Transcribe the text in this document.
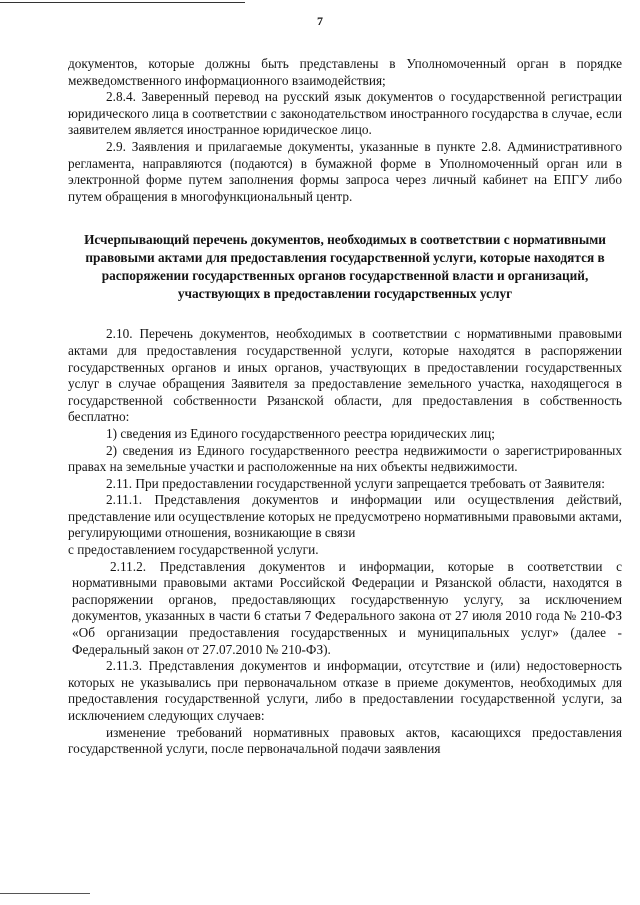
7

документов, которые должны быть представлены в Уполномоченный орган в порядке межведомственного информационного взаимодействия;

2.8.4. Заверенный перевод на русский язык документов о государственной регистрации юридического лица в соответствии с законодательством иностранного государства в случае, если заявителем является иностранное юридическое лицо.

2.9. Заявления и прилагаемые документы, указанные в пункте 2.8. Административного регламента, направляются (подаются) в бумажной форме в Уполномоченный орган или в электронной форме путем заполнения формы запроса через личный кабинет на ЕПГУ либо путем обращения в многофункциональный центр.

Исчерпывающий перечень документов, необходимых в соответствии с нормативными правовыми актами для предоставления государственной услуги, которые находятся в распоряжении государственных органов государственной власти и организаций, участвующих в предоставлении государственных услуг

2.10. Перечень документов, необходимых в соответствии с нормативными правовыми актами для предоставления государственной услуги, которые находятся в распоряжении государственных органов и иных органов, участвующих в предоставлении государственных услуг в случае обращения Заявителя за предоставление земельного участка, находящегося в государственной собственности Рязанской области, для предоставления в собственность бесплатно:

1) сведения из Единого государственного реестра юридических лиц;

2) сведения из Единого государственного реестра недвижимости о зарегистрированных правах на земельные участки и расположенные на них объекты недвижимости.

2.11. При предоставлении государственной услуги запрещается требовать от Заявителя:

2.11.1. Представления документов и информации или осуществления действий, представление или осуществление которых не предусмотрено нормативными правовыми актами, регулирующими отношения, возникающие в связи

с предоставлением государственной услуги.

2.11.2. Представления документов и информации, которые в соответствии с нормативными правовыми актами Российской Федерации и Рязанской области, находятся в распоряжении органов, предоставляющих государственную услугу, за исключением документов, указанных в части 6 статьи 7 Федерального закона от 27 июля 2010 года № 210-ФЗ «Об организации предоставления государственных и муниципальных услуг» (далее - Федеральный закон от 27.07.2010 № 210-ФЗ).

2.11.3. Представления документов и информации, отсутствие и (или) недостоверность которых не указывались при первоначальном отказе в приеме документов, необходимых для предоставления государственной услуги, либо в предоставлении государственной услуги, за исключением следующих случаев:

изменение требований нормативных правовых актов, касающихся предоставления государственной услуги, после первоначальной подачи заявления
